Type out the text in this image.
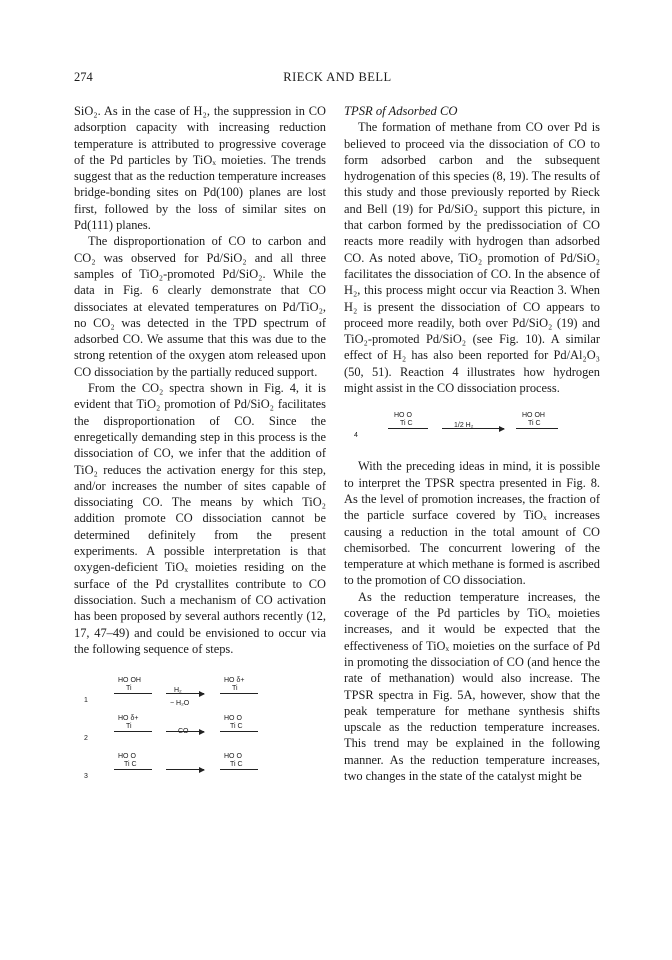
274	RIECK AND BELL

SiO₂. As in the case of H₂, the suppression in CO adsorption capacity with increasing reduction temperature is attributed to progressive coverage of the Pd particles by TiOₓ moieties. The trends suggest that as the reduction temperature increases bridge-bonding sites on Pd(100) planes are lost first, followed by the loss of similar sites on Pd(111) planes.

The disproportionation of CO to carbon and CO₂ was observed for Pd/SiO₂ and all three samples of TiO₂-promoted Pd/SiO₂. While the data in Fig. 6 clearly demonstrate that CO dissociates at elevated temperatures on Pd/TiO₂, no CO₂ was detected in the TPD spectrum of adsorbed CO. We assume that this was due to the strong retention of the oxygen atom released upon CO dissociation by the partially reduced support.

From the CO₂ spectra shown in Fig. 4, it is evident that TiO₂ promotion of Pd/SiO₂ facilitates the disproportionation of CO. Since the enregetically demanding step in this process is the dissociation of CO, we infer that the addition of TiO₂ reduces the activation energy for this step, and/or increases the number of sites capable of dissociating CO. The means by which TiO₂ addition promote CO dissociation cannot be determined definitely from the present experiments. A possible interpretation is that oxygen-deficient TiOₓ moieties residing on the surface of the Pd crystallites contribute to CO dissociation. Such a mechanism of CO activation has been proposed by several authors recently (12, 17, 47–49) and could be envisioned to occur via the following sequence of steps.

1
HO OH
Ti	H₂
− H₂O
HO δ+
Ti
2
HO δ+
Ti
CO
HO O
Ti C
3
HO O
Ti C
HO O
Ti C

TPSR of Adsorbed CO

The formation of methane from CO over Pd is believed to proceed via the dissociation of CO to form adsorbed carbon and the subsequent hydrogenation of this species (8, 19). The results of this study and those previously reported by Rieck and Bell (19) for Pd/SiO₂ support this picture, in that carbon formed by the predissociation of CO reacts more readily with hydrogen than adsorbed CO. As noted above, TiO₂ promotion of Pd/SiO₂ facilitates the dissociation of CO. In the absence of H₂, this process might occur via Reaction 3. When H₂ is present the dissociation of CO appears to proceed more readily, both over Pd/SiO₂ (19) and TiO₂-promoted Pd/SiO₂ (see Fig. 10). A similar effect of H₂ has also been reported for Pd/Al₂O₃ (50, 51). Reaction 4 illustrates how hydrogen might assist in the CO dissociation process.

4
HO O
Ti C	1/2 H₂
HO OH
Ti C

With the preceding ideas in mind, it is possible to interpret the TPSR spectra presented in Fig. 8. As the level of promotion increases, the fraction of the particle surface covered by TiOₓ increases causing a reduction in the total amount of CO chemisorbed. The concurrent lowering of the temperature at which methane is formed is ascribed to the promotion of CO dissociation.

As the reduction temperature increases, the coverage of the Pd particles by TiOₓ moieties increases, and it would be expected that the effectiveness of TiOₓ moieties on the surface of Pd in promoting the dissociation of CO (and hence the rate of methanation) would also increase. The TPSR spectra in Fig. 5A, however, show that the peak temperature for methane synthesis shifts upscale as the reduction temperature increases. This trend may be explained in the following manner. As the reduction temperature increases, two changes in the state of the catalyst might be
